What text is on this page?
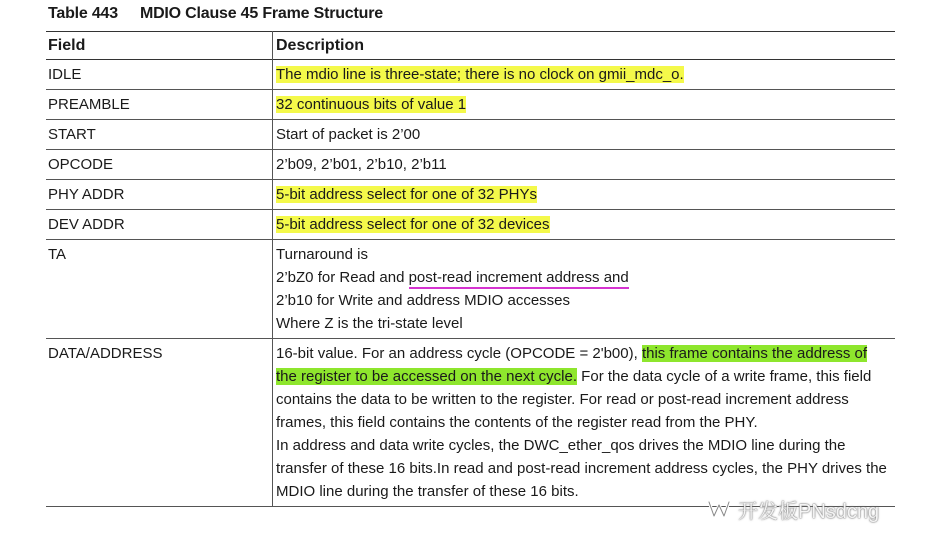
Table 443 MDIO Clause 45 Frame Structure
Field	Description
IDLE	The mdio line is three-state; there is no clock on gmii_mdc_o.
PREAMBLE	32 continuous bits of value 1
START	Start of packet is 2’00
OPCODE	2’b09, 2’b01, 2’b10, 2’b11
PHY ADDR	5-bit address select for one of 32 PHYs
DEV ADDR	5-bit address select for one of 32 devices
TA	Turnaround is
2’bZ0 for Read and post-read increment address and
2’b10 for Write and address MDIO accesses
Where Z is the tri-state level

DATA/ADDRESS	16-bit value. For an address cycle (OPCODE = 2'b00), this frame contains the address of the register to be accessed on the next cycle. For the data cycle of a write frame, this field contains the data to be written to the register. For read or post-read increment address frames, this field contains the contents of the register read from the PHY.
In address and data write cycles, the DWC_ether_qos drives the MDIO line during the transfer of these 16 bits.In read and post-read increment address cycles, the PHY drives the MDIO line during the transfer of these 16 bits.
开发板PNsdcng
